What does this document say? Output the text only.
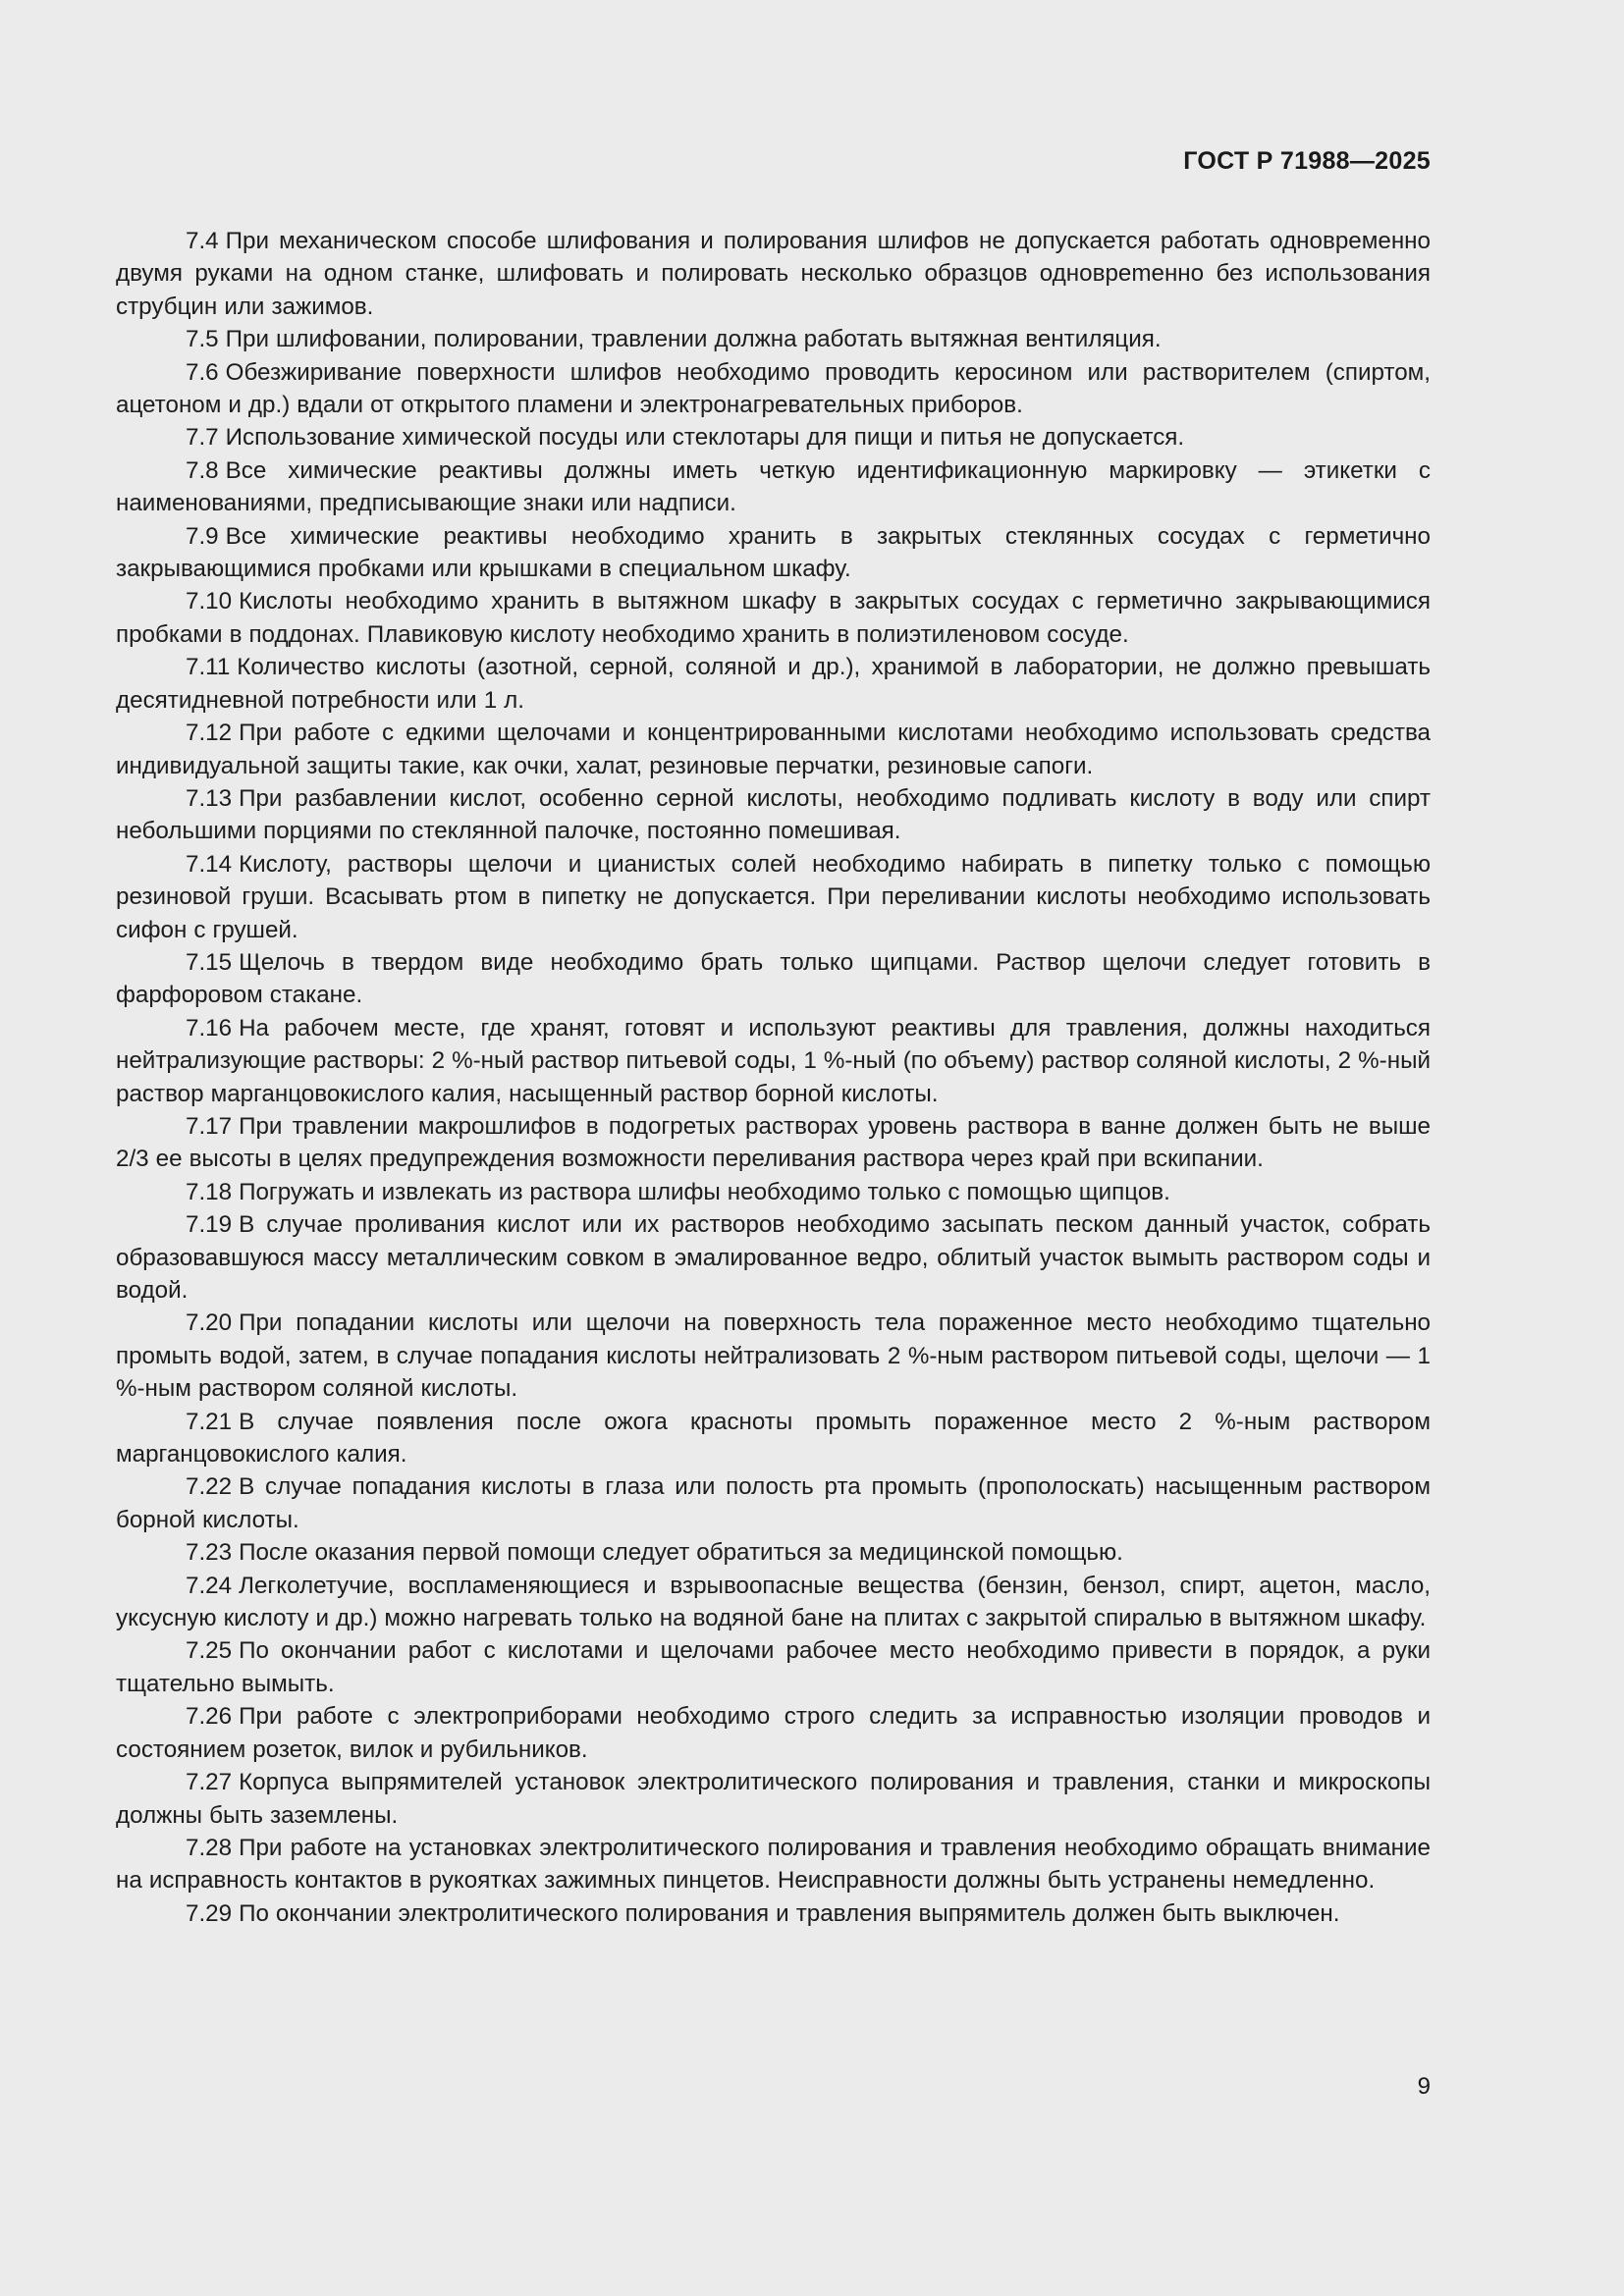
ГОСТ Р 71988—2025

7.4 При механическом способе шлифования и полирования шлифов не допускается работать одновременно двумя руками на одном станке, шлифовать и полировать несколько образцов одновреmенно без использования струбцин или зажимов.

7.5 При шлифовании, полировании, травлении должна работать вытяжная вентиляция.

7.6 Обезжиривание поверхности шлифов необходимо проводить керосином или растворителем (спиртом, ацетоном и др.) вдали от открытого пламени и электронагревательных приборов.

7.7 Использование химической посуды или стеклотары для пищи и питья не допускается.

7.8 Все химические реактивы должны иметь четкую идентификационную маркировку — этикетки с наименованиями, предписывающие знаки или надписи.

7.9 Все химические реактивы необходимо хранить в закрытых стеклянных сосудах с герметично закрывающимися пробками или крышками в специальном шкафу.

7.10 Кислоты необходимо хранить в вытяжном шкафу в закрытых сосудах с герметично закрывающимися пробками в поддонах. Плавиковую кислоту необходимо хранить в полиэтиленовом сосуде.

7.11 Количество кислоты (азотной, серной, соляной и др.), хранимой в лаборатории, не должно превышать десятидневной потребности или 1 л.

7.12 При работе с едкими щелочами и концентрированными кислотами необходимо использовать средства индивидуальной защиты такие, как очки, халат, резиновые перчатки, резиновые сапоги.

7.13 При разбавлении кислот, особенно серной кислоты, необходимо подливать кислоту в воду или спирт небольшими порциями по стеклянной палочке, постоянно помешивая.

7.14 Кислоту, растворы щелочи и цианистых солей необходимо набирать в пипетку только с помощью резиновой груши. Всасывать ртом в пипетку не допускается. При переливании кислоты необходимо использовать сифон с грушей.

7.15 Щелочь в твердом виде необходимо брать только щипцами. Раствор щелочи следует готовить в фарфоровом стакане.

7.16 На рабочем месте, где хранят, готовят и используют реактивы для травления, должны находиться нейтрализующие растворы: 2 %-ный раствор питьевой соды, 1 %-ный (по объему) раствор соляной кислоты, 2 %-ный раствор марганцовокислого калия, насыщенный раствор борной кислоты.

7.17 При травлении макрошлифов в подогретых растворах уровень раствора в ванне должен быть не выше 2/3 ее высоты в целях предупреждения возможности переливания раствора через край при вскипании.

7.18 Погружать и извлекать из раствора шлифы необходимо только с помощью щипцов.

7.19 В случае проливания кислот или их растворов необходимо засыпать песком данный участок, собрать образовавшуюся массу металлическим совком в эмалированное ведро, облитый участок вымыть раствором соды и водой.

7.20 При попадании кислоты или щелочи на поверхность тела пораженное место необходимо тщательно промыть водой, затем, в случае попадания кислоты нейтрализовать 2 %-ным раствором питьевой соды, щелочи — 1 %-ным раствором соляной кислоты.

7.21 В случае появления после ожога красноты промыть пораженное место 2 %-ным раствором марганцовокислого калия.

7.22 В случае попадания кислоты в глаза или полость рта промыть (прополоскать) насыщенным раствором борной кислоты.

7.23 После оказания первой помощи следует обратиться за медицинской помощью.

7.24 Легколетучие, воспламеняющиеся и взрывоопасные вещества (бензин, бензол, спирт, ацетон, масло, уксусную кислоту и др.) можно нагревать только на водяной бане на плитах с закрытой спиралью в вытяжном шкафу.

7.25 По окончании работ с кислотами и щелочами рабочее место необходимо привести в порядок, а руки тщательно вымыть.

7.26 При работе с электроприборами необходимо строго следить за исправностью изоляции проводов и состоянием розеток, вилок и рубильников.

7.27 Корпуса выпрямителей установок электролитического полирования и травления, станки и микроскопы должны быть заземлены.

7.28 При работе на установках электролитического полирования и травления необходимо обращать внимание на исправность контактов в рукоятках зажимных пинцетов. Неисправности должны быть устранены немедленно.

7.29 По окончании электролитического полирования и травления выпрямитель должен быть выключен.

9
